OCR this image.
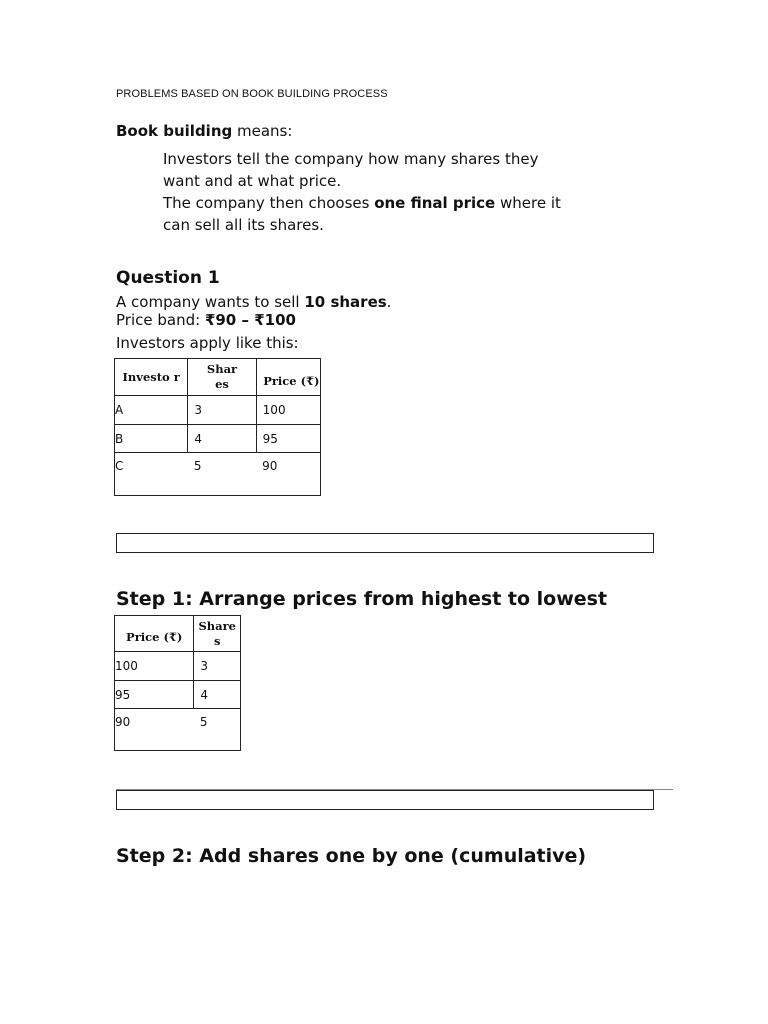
PROBLEMS BASED ON BOOK BUILDING PROCESS
Book building means:
Investors tell the company how many shares they
want and at what price.
The company then chooses one final price where it
can sell all its shares.
Question 1
A company wants to sell 10 shares.
Price band: ₹90 – ₹100
Investors apply like this:
Investo r	Shar es	Price (₹)
A	3	100
B	4	95
C	5	90
Step 1: Arrange prices from highest to lowest
Price (₹)	Share s
100	3
95	4
90	5
Step 2: Add shares one by one (cumulative)
